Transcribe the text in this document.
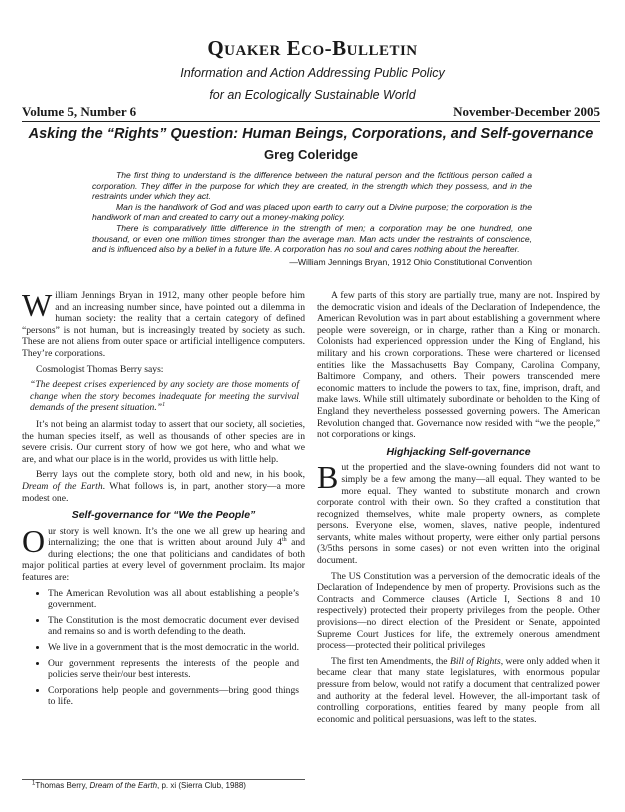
Quaker Eco-Bulletin
Information and Action Addressing Public Policy
for an Ecologically Sustainable World
Volume 5, Number 6	November-December 2005
Asking the “Rights” Question: Human Beings, Corporations, and Self-governance
Greg Coleridge

The first thing to understand is the difference between the natural person and the fictitious person called a corporation. They differ in the purpose for which they are created, in the strength which they possess, and in the restraints under which they act.

Man is the handiwork of God and was placed upon earth to carry out a Divine purpose; the corporation is the handiwork of man and created to carry out a money-making policy.

There is comparatively little difference in the strength of men; a corporation may be one hundred, one thousand, or even one million times stronger than the average man. Man acts under the restraints of conscience, and is influenced also by a belief in a future life. A corporation has no soul and cares nothing about the hereafter.

—William Jennings Bryan, 1912 Ohio Constitutional Convention

William Jennings Bryan in 1912, many other people before him and an increasing number since, have pointed out a dilemma in human society: the reality that a certain category of defined “persons” is not human, but is increasingly treated by society as such. These are not aliens from outer space or artificial intelligence computers. They’re corporations.

Cosmologist Thomas Berry says:

“The deepest crises experienced by any society are those moments of change when the story becomes inadequate for meeting the survival demands of the present situation.”$^1$

It’s not being an alarmist today to assert that our society, all societies, the human species itself, as well as thousands of other species are in severe crisis. Our current story of how we got here, who and what we are, and what our place is in the world, provides us with little help.

Berry lays out the complete story, both old and new, in his book, Dream of the Earth. What follows is, in part, another story—a more modest one.

Self-governance for “We the People”

Our story is well known. It’s the one we all grew up hearing and internalizing; the one that is written about around July 4th and during elections; the one that politicians and candidates of both major political parties at every level of government proclaim. Its major features are:

• The American Revolution was all about establishing a people’s government.
• The Constitution is the most democratic document ever devised and remains so and is worth defending to the death.
• We live in a government that is the most democratic in the world.
• Our government represents the interests of the people and policies serve their/our best interests.
• Corporations help people and governments—bring good things to life.

A few parts of this story are partially true, many are not. Inspired by the democratic vision and ideals of the Declaration of Independence, the American Revolution was in part about establishing a government where people were sovereign, or in charge, rather than a King or monarch. Colonists had experienced oppression under the King of England, his military and his crown corporations. These were chartered or licensed entities like the Massachusetts Bay Company, Carolina Company, Baltimore Company, and others. Their powers transcended mere economic matters to include the powers to tax, fine, imprison, draft, and make laws. While still ultimately subordinate or beholden to the King of England they nevertheless possessed governing powers. The American Revolution changed that. Governance now resided with “we the people,” not corporations or kings.

Highjacking Self-governance

But the propertied and the slave-owning founders did not want to simply be a few among the many—all equal. They wanted to be more equal. They wanted to substitute monarch and crown corporate control with their own. So they crafted a constitution that recognized themselves, white male property owners, as complete persons. Everyone else, women, slaves, native people, indentured servants, white males without property, were either only partial persons (3/5ths persons in some cases) or not even written into the original document.

The US Constitution was a perversion of the democratic ideals of the Declaration of Independence by men of property. Provisions such as the Contracts and Commerce clauses (Article I, Sections 8 and 10 respectively) protected their property privileges from the people. Other provisions—no direct election of the President or Senate, appointed Supreme Court Justices for life, the extremely onerous amendment process—protected their political privileges

The first ten Amendments, the Bill of Rights, were only added when it became clear that many state legislatures, with enormous popular pressure from below, would not ratify a document that centralized power and authority at the federal level. However, the all-important task of controlling corporations, entities feared by many people from all economic and political persuasions, was left to the states.

$^1$Thomas Berry, Dream of the Earth, p. xi (Sierra Club, 1988)
